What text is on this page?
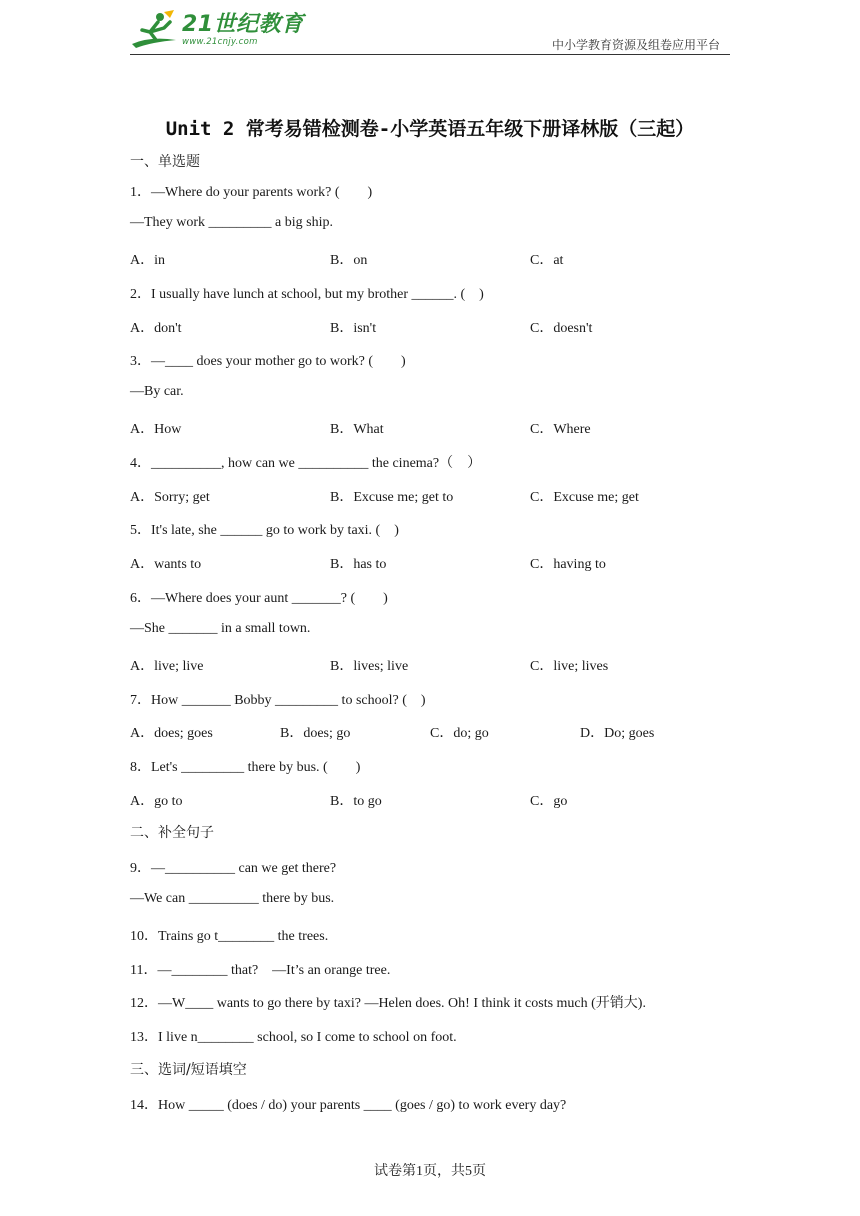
21世纪教育
www.21cnjy.com	中小学教育资源及组卷应用平台
Unit 2 常考易错检测卷-小学英语五年级下册译林版（三起）
一、单选题
1．—Where do your parents work? (　　)
—They work _________ a big ship.
A．in	B．on	C．at
2．I usually have lunch at school, but my brother ______. (　)
A．don't	B．isn't	C．doesn't
3．—____ does your mother go to work? (　　)
—By car.
A．How	B．What	C．Where
4．__________, how can we __________ the cinema?（　）
A．Sorry; get	B．Excuse me; get to	C．Excuse me; get
5．It's late, she ______ go to work by taxi. (　)
A．wants to	B．has to	C．having to
6．—Where does your aunt _______? (　　)
—She _______ in a small town.
A．live; live	B．lives; live	C．live; lives
7．How _______ Bobby _________ to school? (　)
A．does; goes	B．does; go	C．do; go	D．Do; goes
8．Let's _________ there by bus. (　　)
A．go to	B．to go	C．go
二、补全句子
9．—__________ can we get there?
—We can __________ there by bus.
10．Trains go t________ the trees.
11．—________ that?　—It’s an orange tree.
12．—W____ wants to go there by taxi? —Helen does. Oh! I think it costs much (开销大).
13．I live n________ school, so I come to school on foot.
三、选词/短语填空
14．How _____ (does / do) your parents ____ (goes / go) to work every day?
试卷第1页，共5页
